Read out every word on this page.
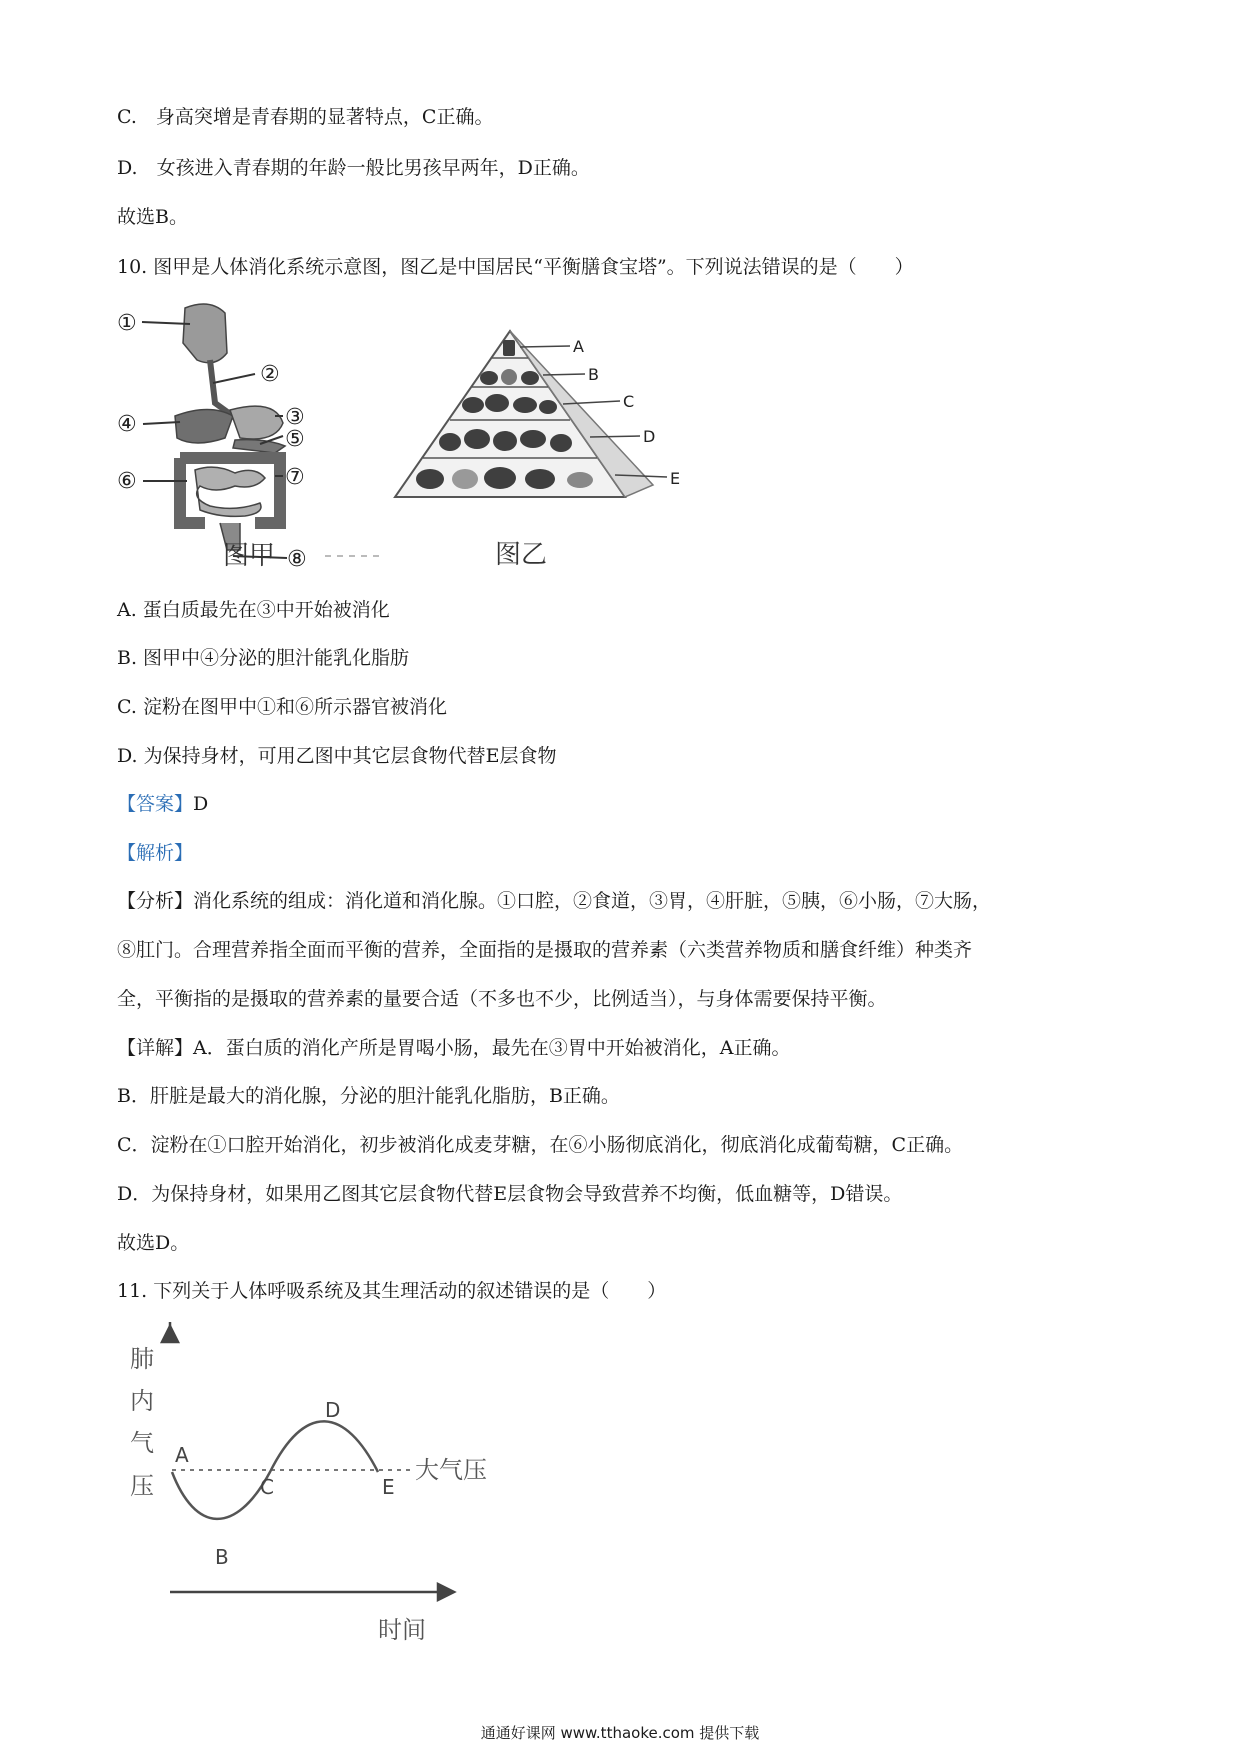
C.　身高突增是青春期的显著特点，C正确。
D.　女孩进入青春期的年龄一般比男孩早两年，D正确。
故选B。
10. 图甲是人体消化系统示意图，图乙是中国居民“平衡膳食宝塔”。下列说法错误的是（　　）
①
②
③
④
⑤
⑥	⑦
⑧
图甲
A
B
C
D
E
图乙
A. 蛋白质最先在③中开始被消化
B. 图甲中④分泌的胆汁能乳化脂肪
C. 淀粉在图甲中①和⑥所示器官被消化
D. 为保持身材，可用乙图中其它层食物代替E层食物
【答案】D
【解析】
【分析】消化系统的组成：消化道和消化腺。①口腔，②食道，③胃，④肝脏，⑤胰，⑥小肠，⑦大肠，
⑧肛门。合理营养指全面而平衡的营养，全面指的是摄取的营养素（六类营养物质和膳食纤维）种类齐
全，平衡指的是摄取的营养素的量要合适（不多也不少，比例适当），与身体需要保持平衡。
【详解】A．蛋白质的消化产所是胃喝小肠，最先在③胃中开始被消化，A正确。
B．肝脏是最大的消化腺，分泌的胆汁能乳化脂肪，B正确。
C．淀粉在①口腔开始消化，初步被消化成麦芽糖，在⑥小肠彻底消化，彻底消化成葡萄糖，C正确。
D．为保持身材，如果用乙图其它层食物代替E层食物会导致营养不均衡，低血糖等，D错误。
故选D。
11. 下列关于人体呼吸系统及其生理活动的叙述错误的是（　　）
肺
内
气
压
时间
大气压
A
B
C
D
E
通通好课网 www.tthaoke.com 提供下载
